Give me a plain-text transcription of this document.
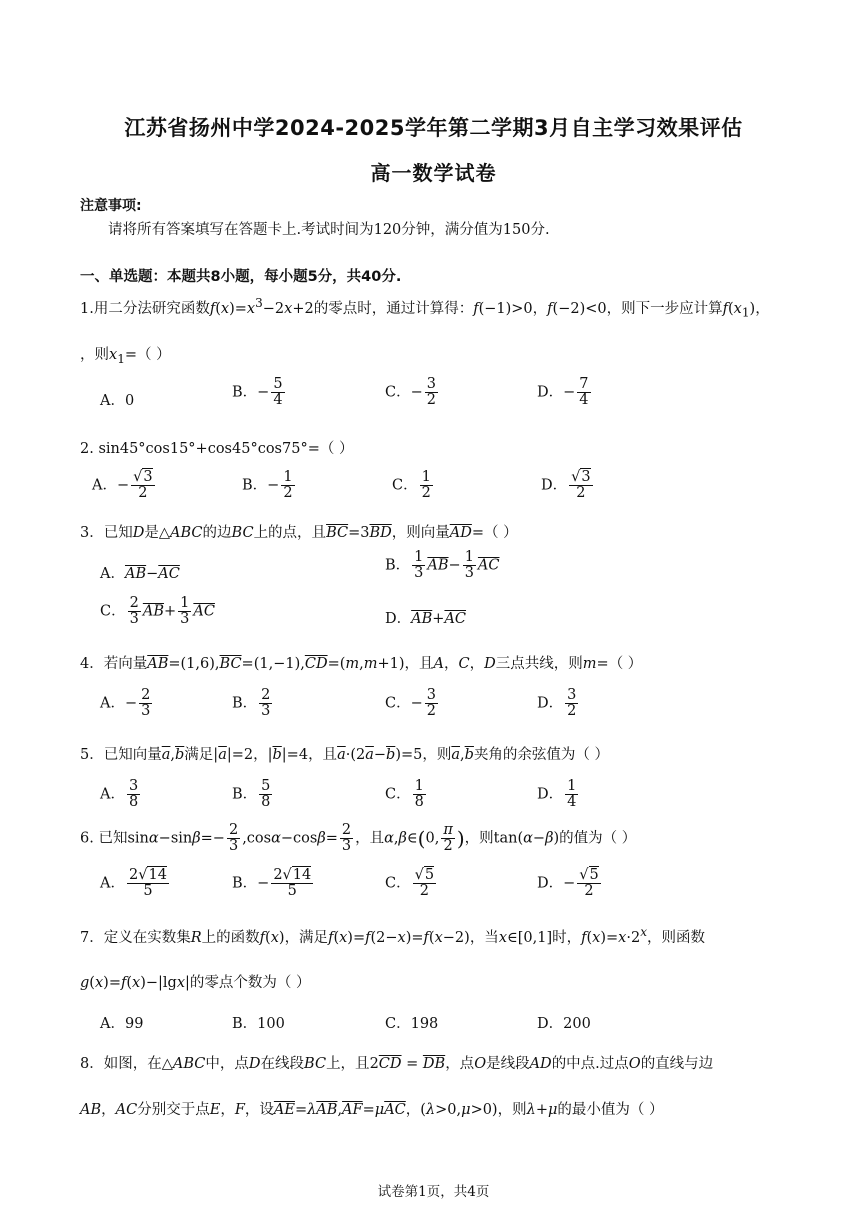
江苏省扬州中学2024-2025学年第二学期3月自主学习效果评估
高一数学试卷
注意事项:
请将所有答案填写在答题卡上.考试时间为120分钟，满分值为150分.
一、单选题：本题共8小题，每小题5分，共40分.
1.用二分法研究函数$f(x)=x^3-2x+2$的零点时，通过计算得：f(−1)>0，f(−2)<0，则下一步应计算$f(x_1)$，
，则$x_1=$（ ）
A．0
B．− $\frac{5}{4}$	C．− $\frac{3}{2}$	D．− $\frac{7}{4}$
2. sin45°cos15°+cos45°cos75°=（ ）
A．− $\frac{√3}{2}$	B．− $\frac{1}{2}$	C． $\frac{1}{2}$	D． $\frac{√3}{2}$
3．已知D是△ABC的边BC上的点，且$\overline{BC}=3\overline{BD}$，则向量$\overline{AD}=$（ ）
A．$\overline{AB}-\overline{AC}$
B． $\frac{1}{3} \overline{AB}- \frac{1}{3} \overline{AC}$
C． $\frac{2}{3} \overline{AB}+ \frac{1}{3} \overline{AC}$	D．$\overline{AB}+\overline{AC}$
4．若向量$\overline{AB}=(1,6),\overline{BC}=(1,-1),\overline{CD}=(m,m+1)$，且A，C，D三点共线，则m=（ ）
A．− $\frac{2}{3}$	B． $\frac{2}{3}$	C．− $\frac{3}{2}$	D． $\frac{3}{2}$
5．已知向量$\overline{a},\overline{b}$满足$|\overline{a}|=2$，$|\overline{b}|=4$，且$\overline{a}\cdot(2\overline{a}-\overline{b})=5$，则$\overline{a},\overline{b}$夹角的余弦值为（ ）
A． $\frac{3}{8}$	B． $\frac{5}{8}$	C． $\frac{1}{8}$	D． $\frac{1}{4}$
6. 已知$\sin\alpha-\sin\beta=- \frac{2}{3} ,\cos\alpha-\cos\beta= \frac{2}{3}$ ，且α,β∈(0, $\frac{\pi}{2}$ )，则tan(α−β)的值为（ ）
A． $\frac{2√14}{5}$	B．− $\frac{2√14}{5}$	C． $\frac{√5}{2}$	D．− $\frac{√5}{2}$
7．定义在实数集R上的函数f(x)，满足f(x)=f(2−x)=f(x−2)，当x∈[0,1]时，$f(x)=x\cdot 2^x$，则函数
g(x)=f(x)−|lgx|的零点个数为（ ）
A．99	B．100	C．198	D．200
8．如图，在△ABC中，点D在线段BC上，且$2\overline{CD} = \overline{DB}$，点O是线段AD的中点.过点O的直线与边
AB，AC分别交于点E，F，设$\overline{AE}=\lambda\overline{AB},\overline{AF}=\mu\overline{AC}$，(λ>0,μ>0)，则λ+μ的最小值为（ ）
试卷第1页，共4页
